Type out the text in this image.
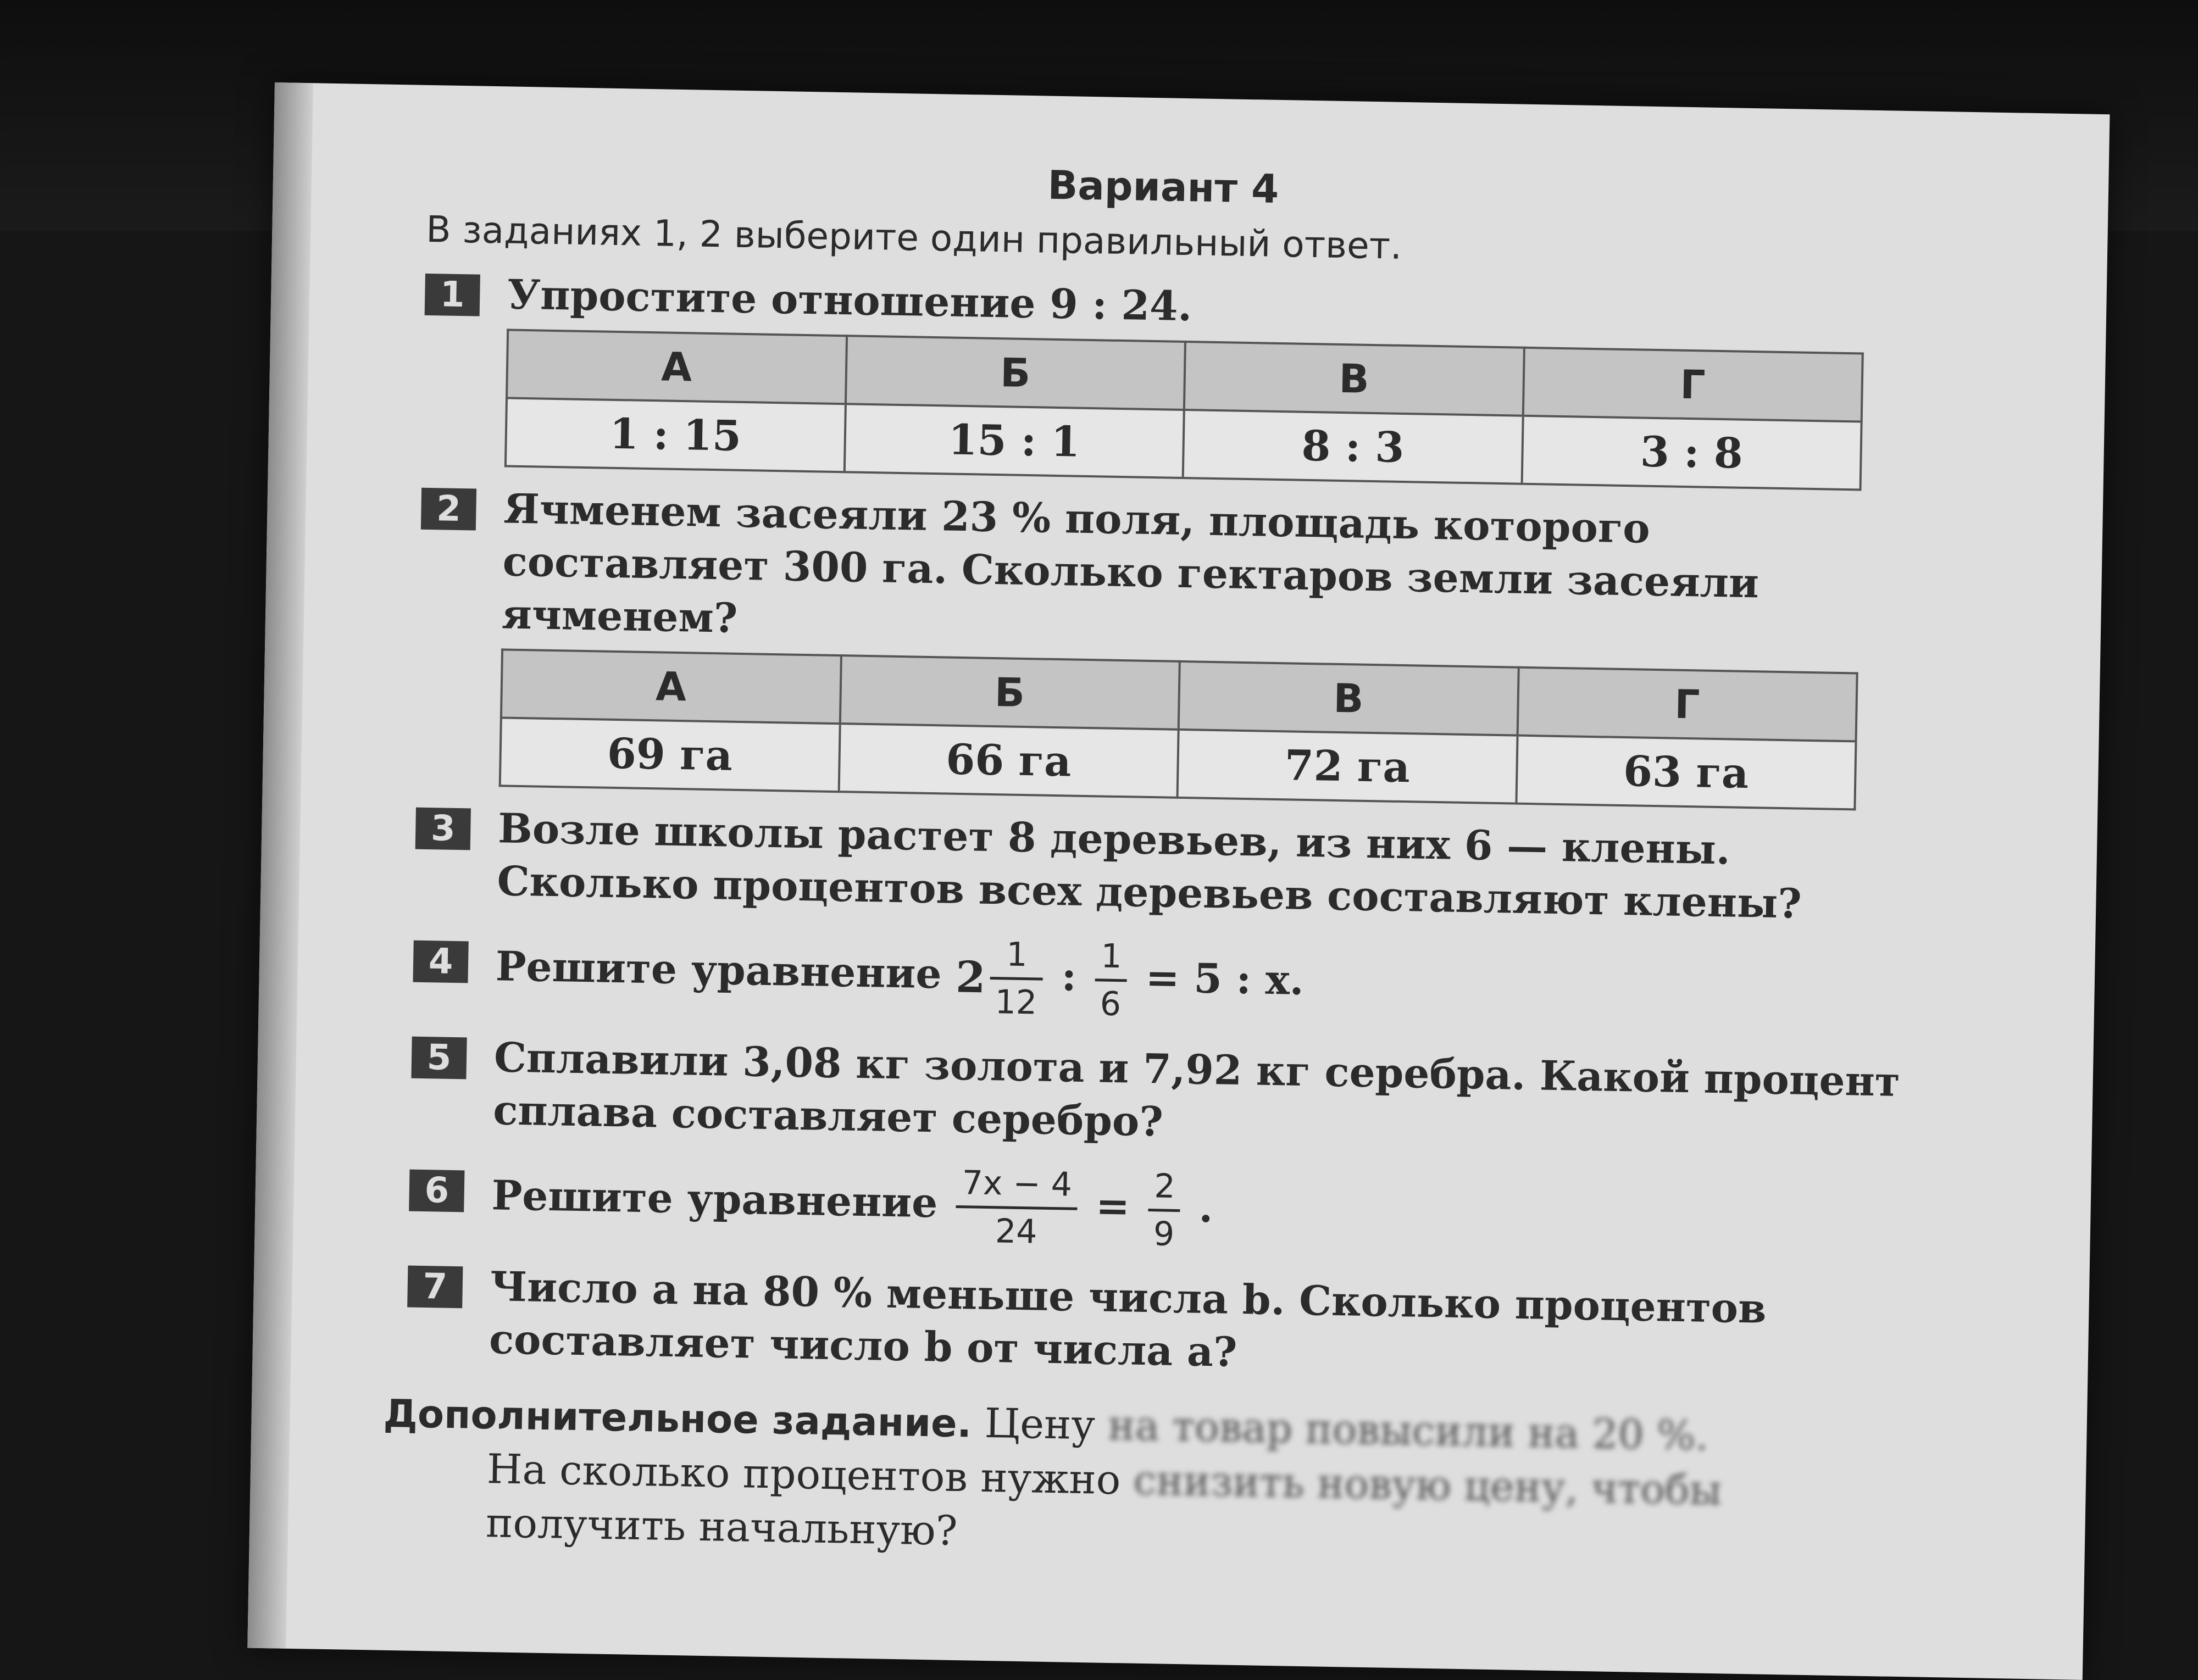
Вариант 4
В заданиях 1, 2 выберите один правильный ответ.
1	Упростите отношение 9 : 24.
А	Б	В	Г
1 : 15	15 : 1	8 : 3	3 : 8
2	Ячменем засеяли 23 % поля, площадь которого составляет 300 га. Сколько гектаров земли засеяли ячменем?
А	Б	В	Г
69 га	66 га	72 га	63 га
3	Возле школы растет 8 деревьев, из них 6 — клены. Сколько процентов всех деревьев составляют клены?
4	Решите уравнение $2 \frac{1}{12}$ : $\frac{1}{6} = 5$ : x.
5	Сплавили 3,08 кг золота и 7,92 кг серебра. Какой процент сплава составляет серебро?
6	Решите уравнение $\frac{7x - 4}{24} = \frac{2}{9}$ .
7	Число a на 80 % меньше числа b. Сколько процентов составляет число b от числа a?
Дополнительное задание. Цену на товар повысили на 20 %.
На сколько процентов нужно снизить новую цену, чтобы
получить начальную?
